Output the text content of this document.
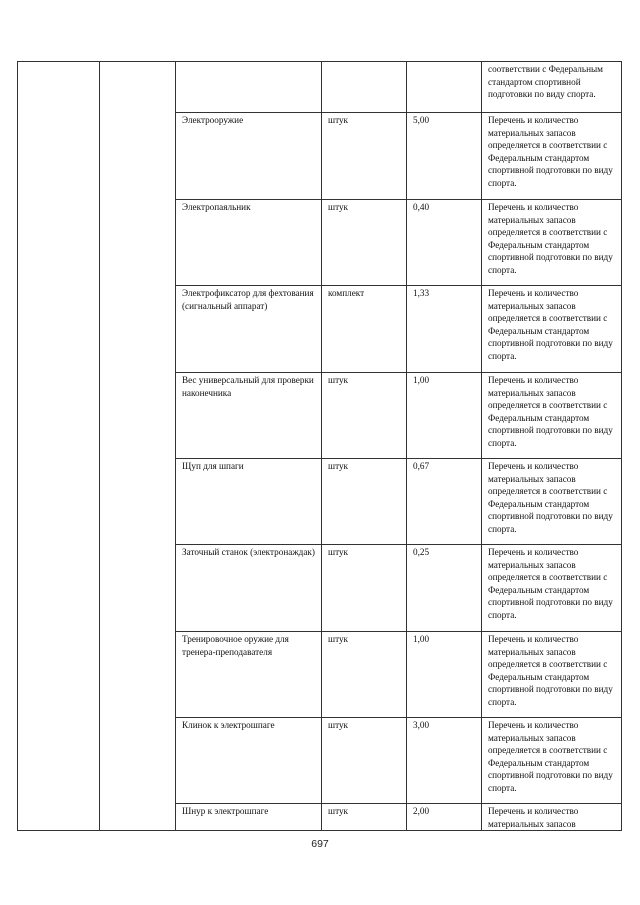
					соответствии с Федеральным стандартом спортивной подготовки по виду спорта.
		Электрооружие	штук	5,00	Перечень и количество материальных запасов определяется в соответствии с Федеральным стандартом спортивной подготовки по виду спорта.
		Электропаяльник	штук	0,40	Перечень и количество материальных запасов определяется в соответствии с Федеральным стандартом спортивной подготовки по виду спорта.
		Электрофиксатор для фехтования (сигнальный аппарат)	комплект	1,33	Перечень и количество материальных запасов определяется в соответствии с Федеральным стандартом спортивной подготовки по виду спорта.
		Вес универсальный для проверки наконечника	штук	1,00	Перечень и количество материальных запасов определяется в соответствии с Федеральным стандартом спортивной подготовки по виду спорта.
		Щуп для шпаги	штук	0,67	Перечень и количество материальных запасов определяется в соответствии с Федеральным стандартом спортивной подготовки по виду спорта.
		Заточный станок (электронаждак)	штук	0,25	Перечень и количество материальных запасов определяется в соответствии с Федеральным стандартом спортивной подготовки по виду спорта.
		Тренировочное оружие для тренера-преподавателя	штук	1,00	Перечень и количество материальных запасов определяется в соответствии с Федеральным стандартом спортивной подготовки по виду спорта.
		Клинок к электрошпаге	штук	3,00	Перечень и количество материальных запасов определяется в соответствии с Федеральным стандартом спортивной подготовки по виду спорта.
		Шнур к электрошпаге	штук	2,00	Перечень и количество материальных запасов
697
